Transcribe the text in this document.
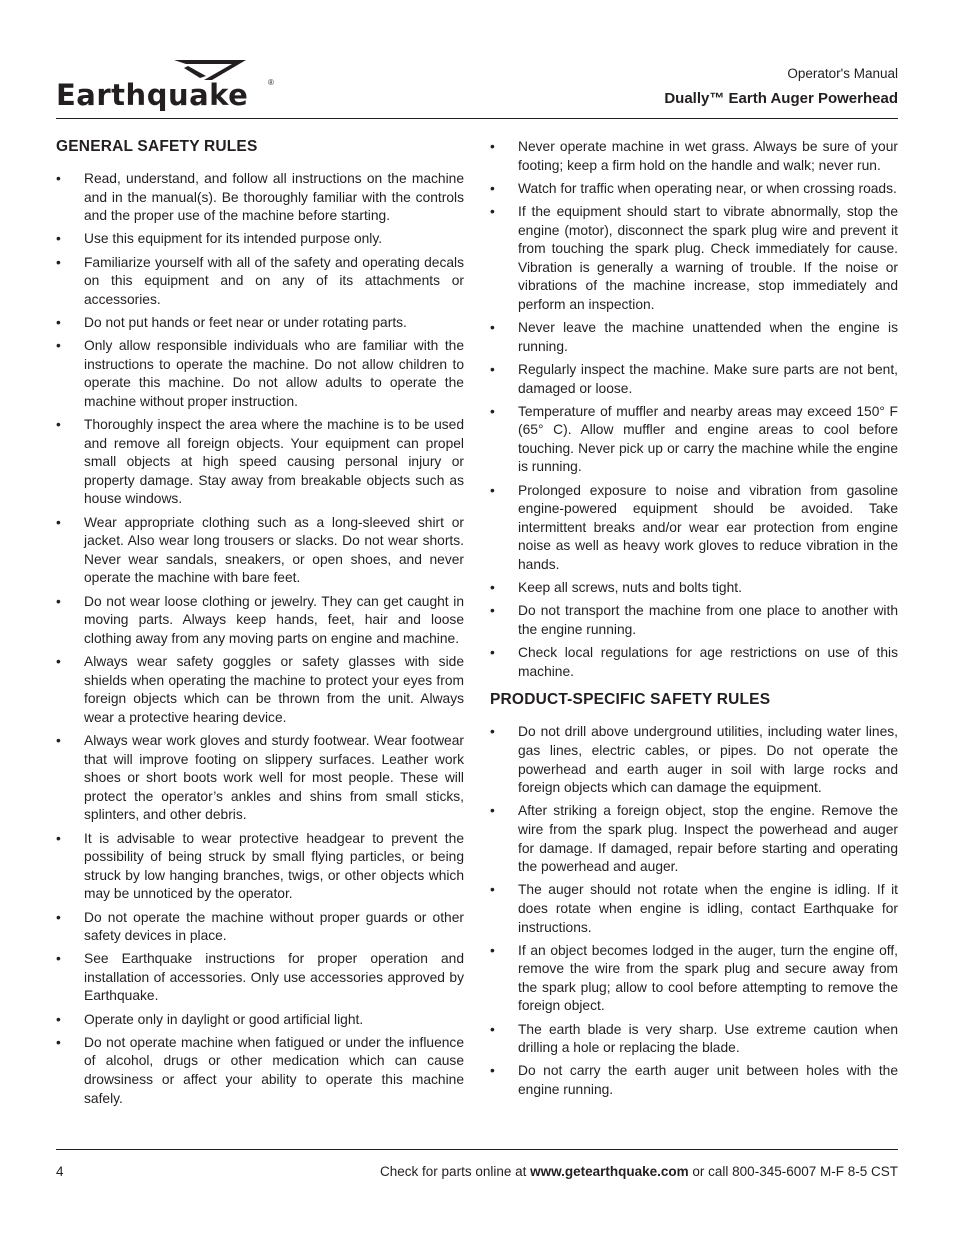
Earthquake ®
Operator's Manual
Dually™ Earth Auger Powerhead
GENERAL SAFETY RULES
• Read, understand, and follow all instructions on the machine and in the manual(s). Be thoroughly familiar with the controls and the proper use of the machine before starting.
• Use this equipment for its intended purpose only.
• Familiarize yourself with all of the safety and operating decals on this equipment and on any of its attachments or accessories.
• Do not put hands or feet near or under rotating parts.
• Only allow responsible individuals who are familiar with the instructions to operate the machine. Do not allow children to operate this machine. Do not allow adults to operate the machine without proper instruction.
• Thoroughly inspect the area where the machine is to be used and remove all foreign objects. Your equipment can propel small objects at high speed causing personal injury or property damage. Stay away from breakable objects such as house windows.
• Wear appropriate clothing such as a long-sleeved shirt or jacket. Also wear long trousers or slacks. Do not wear shorts. Never wear sandals, sneakers, or open shoes, and never operate the machine with bare feet.
• Do not wear loose clothing or jewelry. They can get caught in moving parts. Always keep hands, feet, hair and loose clothing away from any moving parts on engine and machine.
• Always wear safety goggles or safety glasses with side shields when operating the machine to protect your eyes from foreign objects which can be thrown from the unit. Always wear a protective hearing device.
• Always wear work gloves and sturdy footwear. Wear footwear that will improve footing on slippery surfaces. Leather work shoes or short boots work well for most people. These will protect the operator’s ankles and shins from small sticks, splinters, and other debris.
• It is advisable to wear protective headgear to prevent the possibility of being struck by small flying particles, or being struck by low hanging branches, twigs, or other objects which may be unnoticed by the operator.
• Do not operate the machine without proper guards or other safety devices in place.
• See Earthquake instructions for proper operation and installation of accessories. Only use accessories approved by Earthquake.
• Operate only in daylight or good artificial light.
• Do not operate machine when fatigued or under the influence of alcohol, drugs or other medication which can cause drowsiness or affect your ability to operate this machine safely.
• Never operate machine in wet grass. Always be sure of your footing; keep a firm hold on the handle and walk; never run.
• Watch for traffic when operating near, or when crossing roads.
• If the equipment should start to vibrate abnormally, stop the engine (motor), disconnect the spark plug wire and prevent it from touching the spark plug. Check immediately for cause. Vibration is generally a warning of trouble. If the noise or vibrations of the machine increase, stop immediately and perform an inspection.
• Never leave the machine unattended when the engine is running.
• Regularly inspect the machine. Make sure parts are not bent, damaged or loose.
• Temperature of muffler and nearby areas may exceed 150° F (65° C). Allow muffler and engine areas to cool before touching. Never pick up or carry the machine while the engine is running.
• Prolonged exposure to noise and vibration from gasoline engine-powered equipment should be avoided. Take intermittent breaks and/or wear ear protection from engine noise as well as heavy work gloves to reduce vibration in the hands.
• Keep all screws, nuts and bolts tight.
• Do not transport the machine from one place to another with the engine running.
• Check local regulations for age restrictions on use of this machine.
PRODUCT-SPECIFIC SAFETY RULES
• Do not drill above underground utilities, including water lines, gas lines, electric cables, or pipes. Do not operate the powerhead and earth auger in soil with large rocks and foreign objects which can damage the equipment.
• After striking a foreign object, stop the engine. Remove the wire from the spark plug. Inspect the powerhead and auger for damage. If damaged, repair before starting and operating the powerhead and auger.
• The auger should not rotate when the engine is idling. If it does rotate when engine is idling, contact Earthquake for instructions.
• If an object becomes lodged in the auger, turn the engine off, remove the wire from the spark plug and secure away from the spark plug; allow to cool before attempting to remove the foreign object.
• The earth blade is very sharp. Use extreme caution when drilling a hole or replacing the blade.
• Do not carry the earth auger unit between holes with the engine running.
4	Check for parts online at www.getearthquake.com or call 800-345-6007 M-F 8-5 CST
